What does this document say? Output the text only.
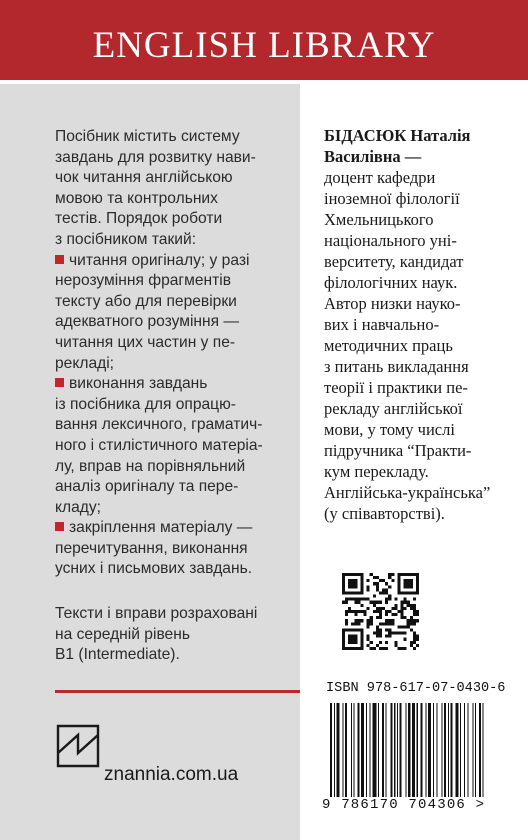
ENGLISH LIBRARY

Посібник містить систему
завдань для розвитку нави-
чок читання англійською
мовою та контрольних
тестів. Порядок роботи
з посібником такий:

читання оригіналу; у разі
нерозуміння фрагментів
тексту або для перевірки
адекватного розуміння —
читання цих частин у пе-
рекладі;

виконання завдань
із посібника для опрацю-
вання лексичного, граматич-
ного і стилістичного матеріа-
лу, вправ на порівняльний
аналіз оригіналу та пере-
кладу;

закріплення матеріалу —
перечитування, виконання
усних і письмових завдань.

Тексти і вправи розраховані
на середній рівень
B1 (Intermediate).

znannia.com.ua
БІДАСЮК Наталія
Василівна —
доцент кафедри
іноземної філології
Хмельницького
національного уні-
верситету, кандидат
філологічних наук.
Автор низки науко-
вих і навчально-
методичних праць
з питань викладання
теорії і практики пе-
рекладу англійської
мови, у тому числі
підручника “Практи-
кум перекладу.
Англійська-українська”
(у співавторстві).
ISBN 978-617-07-0430-6
9 786170 704306 >
